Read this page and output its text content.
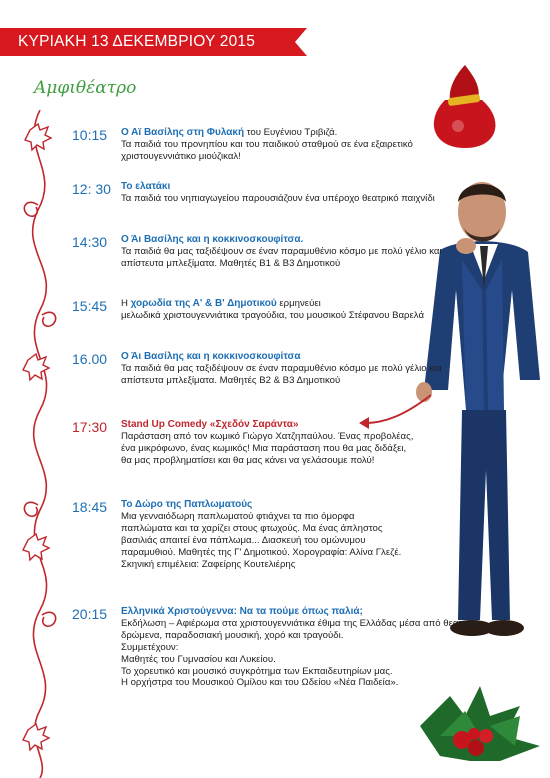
ΚΥΡΙΑΚΗ 13 ΔΕΚΕΜΒΡΙΟΥ 2015
Αμφιθέατρο
10:15	Ο Αϊ Βασίλης στη Φυλακή του Ευγένιου Τριβιζά.
Τα παιδιά του προνηπίου και του παιδικού σταθμού σε ένα εξαιρετικό χριστουγεννιάτικο μιούζικαλ!
12: 30	Το ελατάκι
Τα παιδιά του νηπιαγωγείου παρουσιάζουν ένα υπέροχο θεατρικό παιχνίδι
14:30	Ο Άι Βασίλης και η κοκκινοσκουφίτσα.
Τα παιδιά θα μας ταξιδέψουν σε έναν παραμυθένιο κόσμο με πολύ γέλιο και απίστευτα μπλεξίματα. Μαθητές Β1 & Β3 Δημοτικού
15:45	Η χορωδία της Α' & Β' Δημοτικού ερμηνεύει
μελωδικά χριστουγεννιάτικα τραγούδια, του μουσικού Στέφανου Βαρελά
16.00	Ο Άι Βασίλης και η κοκκινοσκουφίτσα
Τα παιδιά θα μας ταξιδέψουν σε έναν παραμυθένιο κόσμο με πολύ γέλιο και απίστευτα μπλεξίματα. Μαθητές Β2 & Β3 Δημοτικού
17:30	Stand Up Comedy «Σχεδόν Σαράντα»
Παράσταση από τον κωμικό Γιώργο Χατζηπαύλου. Ένας προβολέας, ένα μικρόφωνο, ένας κωμικός! Μια παράσταση που θα μας διδάξει, θα μας προβληματίσει και θα μας κάνει να γελάσουμε πολύ!
18:45	Το Δώρο της Παπλωματούς
Μια γενναιόδωρη παπλωματού φτιάχνει τα πιο όμορφα παπλώματα και τα χαρίζει στους φτωχούς. Μα ένας άπληστος βασιλιάς απαιτεί ένα πάπλωμα... Διασκευή του ομώνυμου παραμυθιού. Μαθητές της Γ' Δημοτικού. Χορογραφία: Αλίνα Γλεζέ. Σκηνική επιμέλεια: Ζαφείρης Κουτελιέρης
20:15	Ελληνικά Χριστούγεννα: Να τα πούμε όπως παλιά;
Εκδήλωση – Αφιέρωμα στα χριστουγεννιάτικα έθιμα της Ελλάδας μέσα από θεατρικά δρώμενα, παραδοσιακή μουσική, χορό και τραγούδι.
Συμμετέχουν:
Μαθητές του Γυμνασίου και Λυκείου.
Το χορευτικό και μουσικό συγκρότημα των Εκπαιδευτηρίων μας.
Η ορχήστρα του Μουσικού Ομίλου και του Ωδείου «Νέα Παιδεία».
